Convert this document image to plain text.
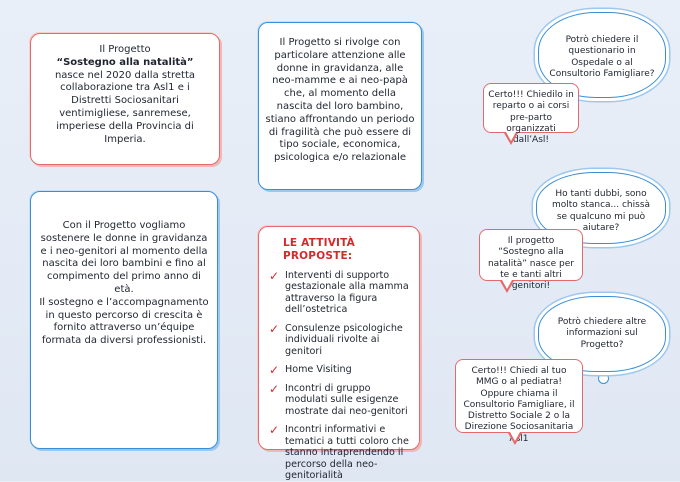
Il Progetto

“Sostegno alla natalità”

nasce nel 2020 dalla stretta collaborazione tra Asl1 e i Distretti Sociosanitari ventimigliese, sanremese, imperiese della Provincia di Imperia.

Il Progetto si rivolge con particolare attenzione alle donne in gravidanza, alle neo-mamme e ai neo-papà che, al momento della nascita del loro bambino, stiano affrontando un periodo di fragilità che può essere di tipo sociale, economica, psicologica e/o relazionale

Con il Progetto vogliamo sostenere le donne in gravidanza e i neo-genitori al momento della nascita dei loro bambini e fino al compimento del primo anno di età.

Il sostegno e l’accompagnamento in questo percorso di crescita è fornito attraverso un’équipe formata da diversi professionisti.

LE ATTIVITÀ PROPOSTE:
✓ Interventi di supporto gestazionale alla mamma attraverso la figura dell’ostetrica
✓ Consulenze psicologiche individuali rivolte ai genitori
✓ Home Visiting
✓ Incontri di gruppo modulati sulle esigenze mostrate dai neo-genitori
✓ Incontri informativi e tematici a tutti coloro che stanno intraprendendo il percorso della neo-genitorialità
Potrò chiedere il questionario in Ospedale o al Consultorio Famigliare?
Certo!!! Chiedilo in reparto o ai corsi pre-parto organizzati dall’Asl!
Ho tanti dubbi, sono molto stanca... chissà se qualcuno mi può aiutare?
Il progetto “Sostegno alla natalità” nasce per te e tanti altri genitori!
Potrò chiedere altre informazioni sul Progetto?
Certo!!! Chiedi al tuo MMG o al pediatra! Oppure chiama il Consultorio Famigliare, il Distretto Sociale 2 o la Direzione Sociosanitaria Asl1
